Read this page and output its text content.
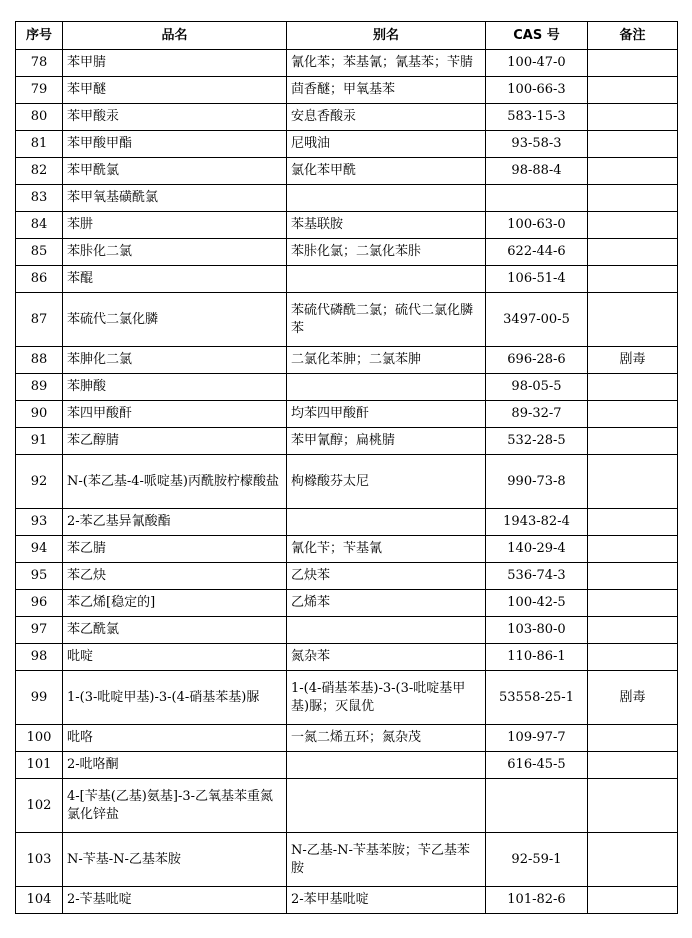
序号	品名	别名	CAS 号	备注
78	苯甲腈	氰化苯；苯基氰；氰基苯；苄腈	100-47-0	
79	苯甲醚	茴香醚；甲氧基苯	100-66-3	
80	苯甲酸汞	安息香酸汞	583-15-3	
81	苯甲酸甲酯	尼哦油	93-58-3	
82	苯甲酰氯	氯化苯甲酰	98-88-4	
83	苯甲氧基磺酰氯			
84	苯肼	苯基联胺	100-63-0	
85	苯胩化二氯	苯胩化氯；二氯化苯胩	622-44-6	
86	苯醌		106-51-4	
87	苯硫代二氯化膦	苯硫代磷酰二氯；硫代二氯化膦苯	3497-00-5	
88	苯胂化二氯	二氯化苯胂；二氯苯胂	696-28-6	剧毒
89	苯胂酸		98-05-5	
90	苯四甲酸酐	均苯四甲酸酐	89-32-7	
91	苯乙醇腈	苯甲氰醇；扁桃腈	532-28-5	
92	N-(苯乙基-4-哌啶基)丙酰胺柠檬酸盐	枸橼酸芬太尼	990-73-8	
93	2-苯乙基异氰酸酯		1943-82-4	
94	苯乙腈	氰化苄；苄基氰	140-29-4	
95	苯乙炔	乙炔苯	536-74-3	
96	苯乙烯[稳定的]	乙烯苯	100-42-5	
97	苯乙酰氯		103-80-0	
98	吡啶	氮杂苯	110-86-1	
99	1-(3-吡啶甲基)-3-(4-硝基苯基)脲	1-(4-硝基苯基)-3-(3-吡啶基甲基)脲；灭鼠优	53558-25-1	剧毒
100	吡咯	一氮二烯五环；氮杂茂	109-97-7	
101	2-吡咯酮		616-45-5	
102	4-[苄基(乙基)氨基]-3-乙氧基苯重氮氯化锌盐			
103	N-苄基-N-乙基苯胺	N-乙基-N-苄基苯胺；苄乙基苯胺	92-59-1	
104	2-苄基吡啶	2-苯甲基吡啶	101-82-6	
